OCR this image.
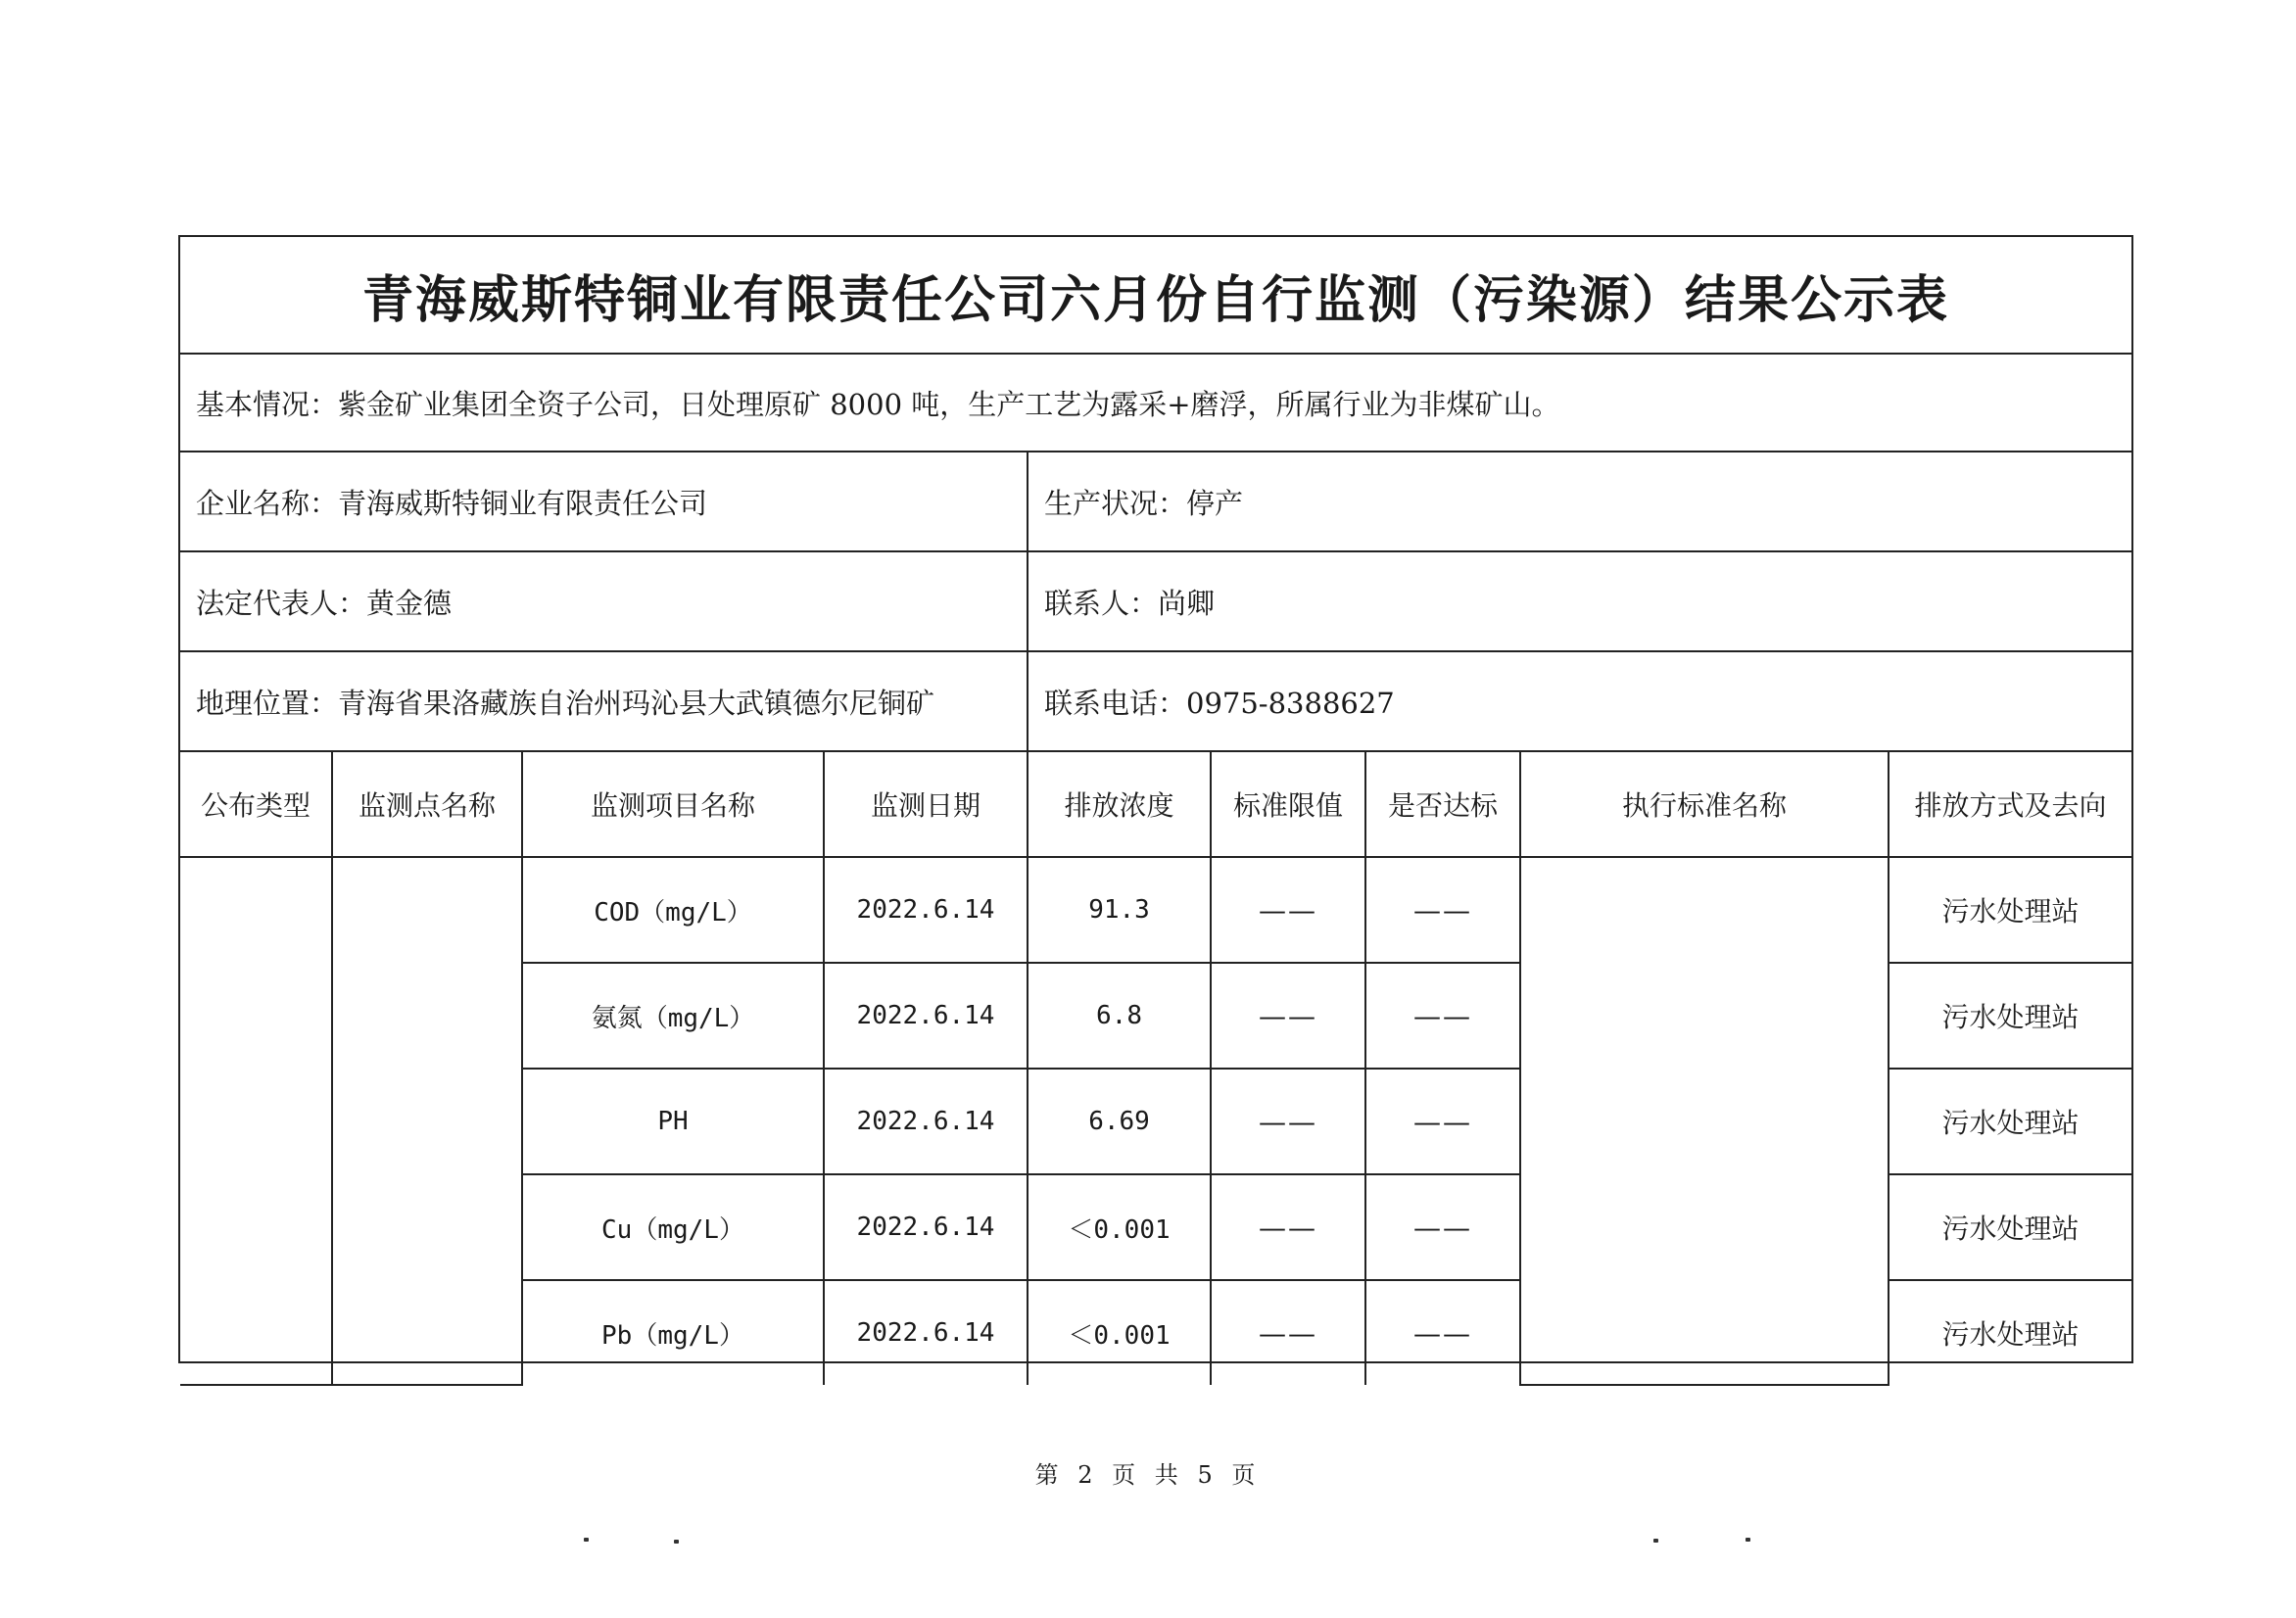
青海威斯特铜业有限责任公司六月份自行监测（污染源）结果公示表
基本情况：紫金矿业集团全资子公司，日处理原矿 8000 吨，生产工艺为露采+磨浮，所属行业为非煤矿山。
企业名称：青海威斯特铜业有限责任公司	生产状况：停产
法定代表人：黄金德	联系人：尚卿
地理位置：青海省果洛藏族自治州玛沁县大武镇德尔尼铜矿	联系电话：0975-8388627
公布类型	监测点名称	监测项目名称	监测日期	排放浓度	标准限值	是否达标	执行标准名称	排放方式及去向
		COD（mg/L）	2022.6.14	91.3	——	——		污水处理站
		氨氮（mg/L）	2022.6.14	6.8	——	——		污水处理站
		PH	2022.6.14	6.69	——	——		污水处理站
		Cu（mg/L）	2022.6.14	＜0.001	——	——		污水处理站
		Pb（mg/L）	2022.6.14	＜0.001	——	——		污水处理站
第 2 页 共 5 页
